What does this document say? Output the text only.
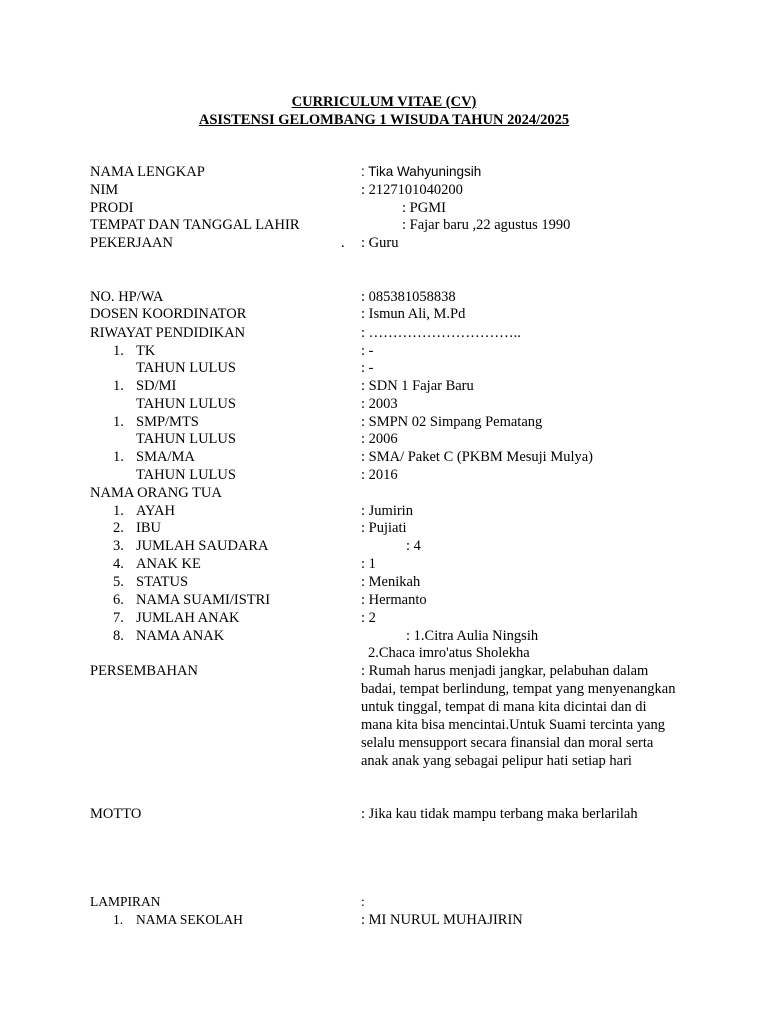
CURRICULUM VITAE (CV)
ASISTENSI GELOMBANG 1 WISUDA TAHUN 2024/2025
NAMA LENGKAP	: Tika Wahyuningsih
NIM	: 2127101040200
PRODI	: PGMI
TEMPAT DAN TANGGAL LAHIR	: Fajar baru ,22 agustus 1990
PEKERJAAN	. : Guru
NO. HP/WA	: 085381058838
DOSEN KOORDINATOR	: Ismun Ali, M.Pd
RIWAYAT PENDIDIKAN	: …………………………..
1. TK	: -
TAHUN LULUS	: -
1. SD/MI	: SDN 1 Fajar Baru
TAHUN LULUS	: 2003
1. SMP/MTS	: SMPN 02 Simpang Pematang
TAHUN LULUS	: 2006
1. SMA/MA	: SMA/ Paket C (PKBM Mesuji Mulya)
TAHUN LULUS	: 2016
NAMA ORANG TUA
1. AYAH	: Jumirin
2. IBU	: Pujiati
3. JUMLAH SAUDARA	: 4
4. ANAK KE	: 1
5. STATUS	: Menikah
6. NAMA SUAMI/ISTRI	: Hermanto
7. JUMLAH ANAK	: 2
8. NAMA ANAK	: 1.Citra Aulia Ningsih
2.Chaca imro'atus Sholekha
PERSEMBAHAN	: Rumah harus menjadi jangkar, pelabuhan dalam badai, tempat berlindung, tempat yang menyenangkan untuk tinggal, tempat di mana kita dicintai dan di mana kita bisa mencintai.Untuk Suami tercinta yang selalu mensupport secara finansial dan moral serta anak anak yang sebagai pelipur hati setiap hari
MOTTO	: Jika kau tidak mampu terbang maka berlarilah
LAMPIRAN	:
1. NAMA SEKOLAH	: MI NURUL MUHAJIRIN
